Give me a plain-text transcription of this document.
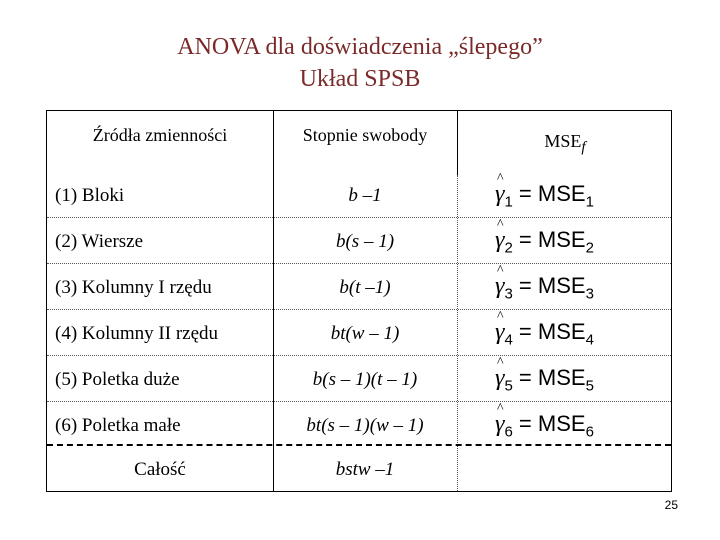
ANOVA dla doświadczenia „ślepego”
Układ SPSB
Źródła zmienności	Stopnie swobody	$MSE_f$
(1) Bloki	b –1	^ $\gamma_1 = MSE_1$
(2) Wiersze	b(s – 1)	^ $\gamma_2 = MSE_2$
(3) Kolumny I rzędu	b(t –1)	^ $\gamma_3 = MSE_3$
(4) Kolumny II rzędu	bt(w – 1)	^ $\gamma_4 = MSE_4$
(5) Poletka duże	b(s – 1)(t – 1)	^ $\gamma_5 = MSE_5$
(6) Poletka małe	bt(s – 1)(w – 1)	^ $\gamma_6 = MSE_6$
Całość	bstw –1
25
